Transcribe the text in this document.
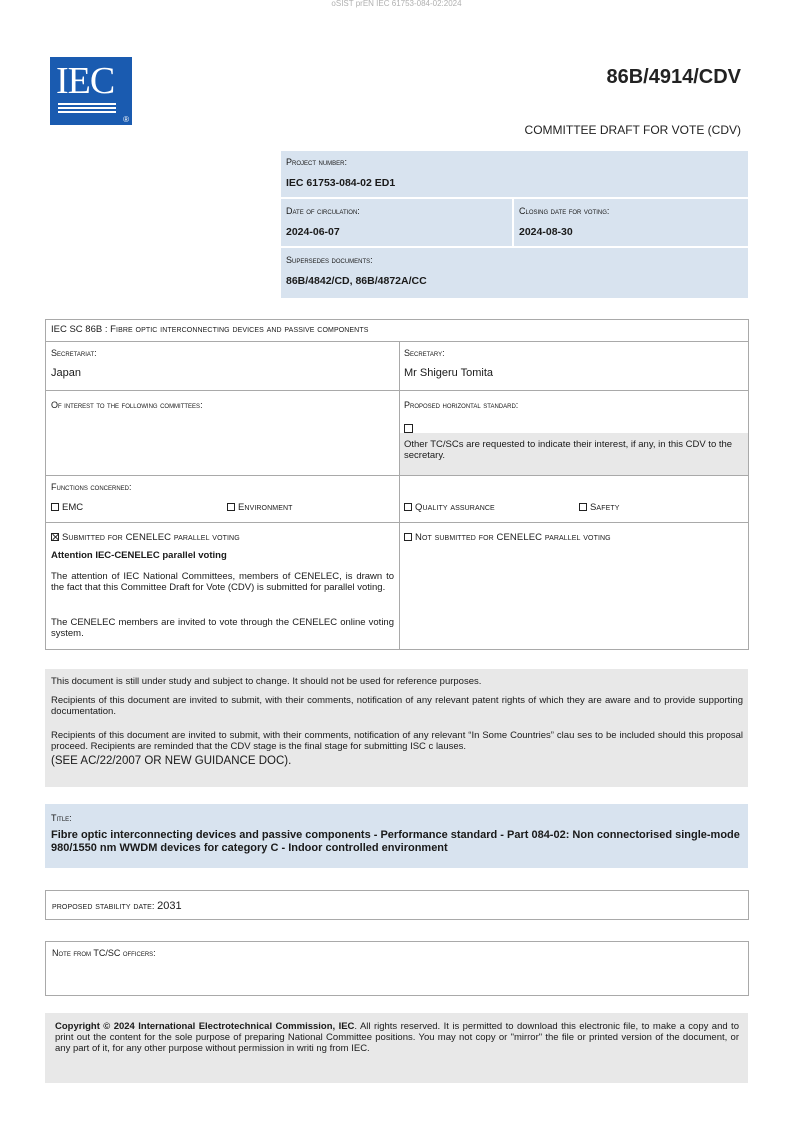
oSIST prEN IEC 61753-084-02:2024
IEC
®
86B/4914/CDV
COMMITTEE DRAFT FOR VOTE (CDV)
Project number:
IEC 61753-084-02 ED1
Date of circulation:
2024-06-07
Closing date for voting:
2024-08-30
Supersedes documents:
86B/4842/CD, 86B/4872A/CC
IEC SC 86B : Fibre optic interconnecting devices and passive components
Secretariat:
Japan
Secretary:
Mr Shigeru Tomita
Of interest to the following committees:	Proposed horizontal standard:
Other TC/SCs are requested to indicate their interest, if any, in this CDV to the secretary.
Functions concerned:
EMC	Environment	Quality assurance	Safety
Submitted for CENELEC parallel voting
Attention IEC-CENELEC parallel voting
The attention of IEC National Committees, members of CENELEC, is drawn to the fact that this Committee Draft for Vote (CDV) is submitted for parallel voting.
The CENELEC members are invited to vote through the CENELEC online voting system.
Not submitted for CENELEC parallel voting
This document is still under study and subject to change. It should not be used for reference purposes.
Recipients of this document are invited to submit, with their comments, notification of any relevant patent rights of which they are aware and to provide supporting documentation.
Recipients of this document are invited to submit, with their comments, notification of any relevant “In Some Countries” clau ses to be included should this proposal proceed. Recipients are reminded that the CDV stage is the final stage for submitting ISC c lauses.
(SEE AC/22/2007 OR NEW GUIDANCE DOC).
Title:
Fibre optic interconnecting devices and passive components - Performance standard - Part 084-02: Non connectorised single-mode 980/1550 nm WWDM devices for category C - Indoor controlled environment
proposed stability date: 2031
Note from TC/SC officers:
Copyright © 2024 International Electrotechnical Commission, IEC. All rights reserved. It is permitted to download this electronic file, to make a copy and to print out the content for the sole purpose of preparing National Committee positions. You may not copy or "mirror" the file or printed version of the document, or any part of it, for any other purpose without permission in writi ng from IEC.
